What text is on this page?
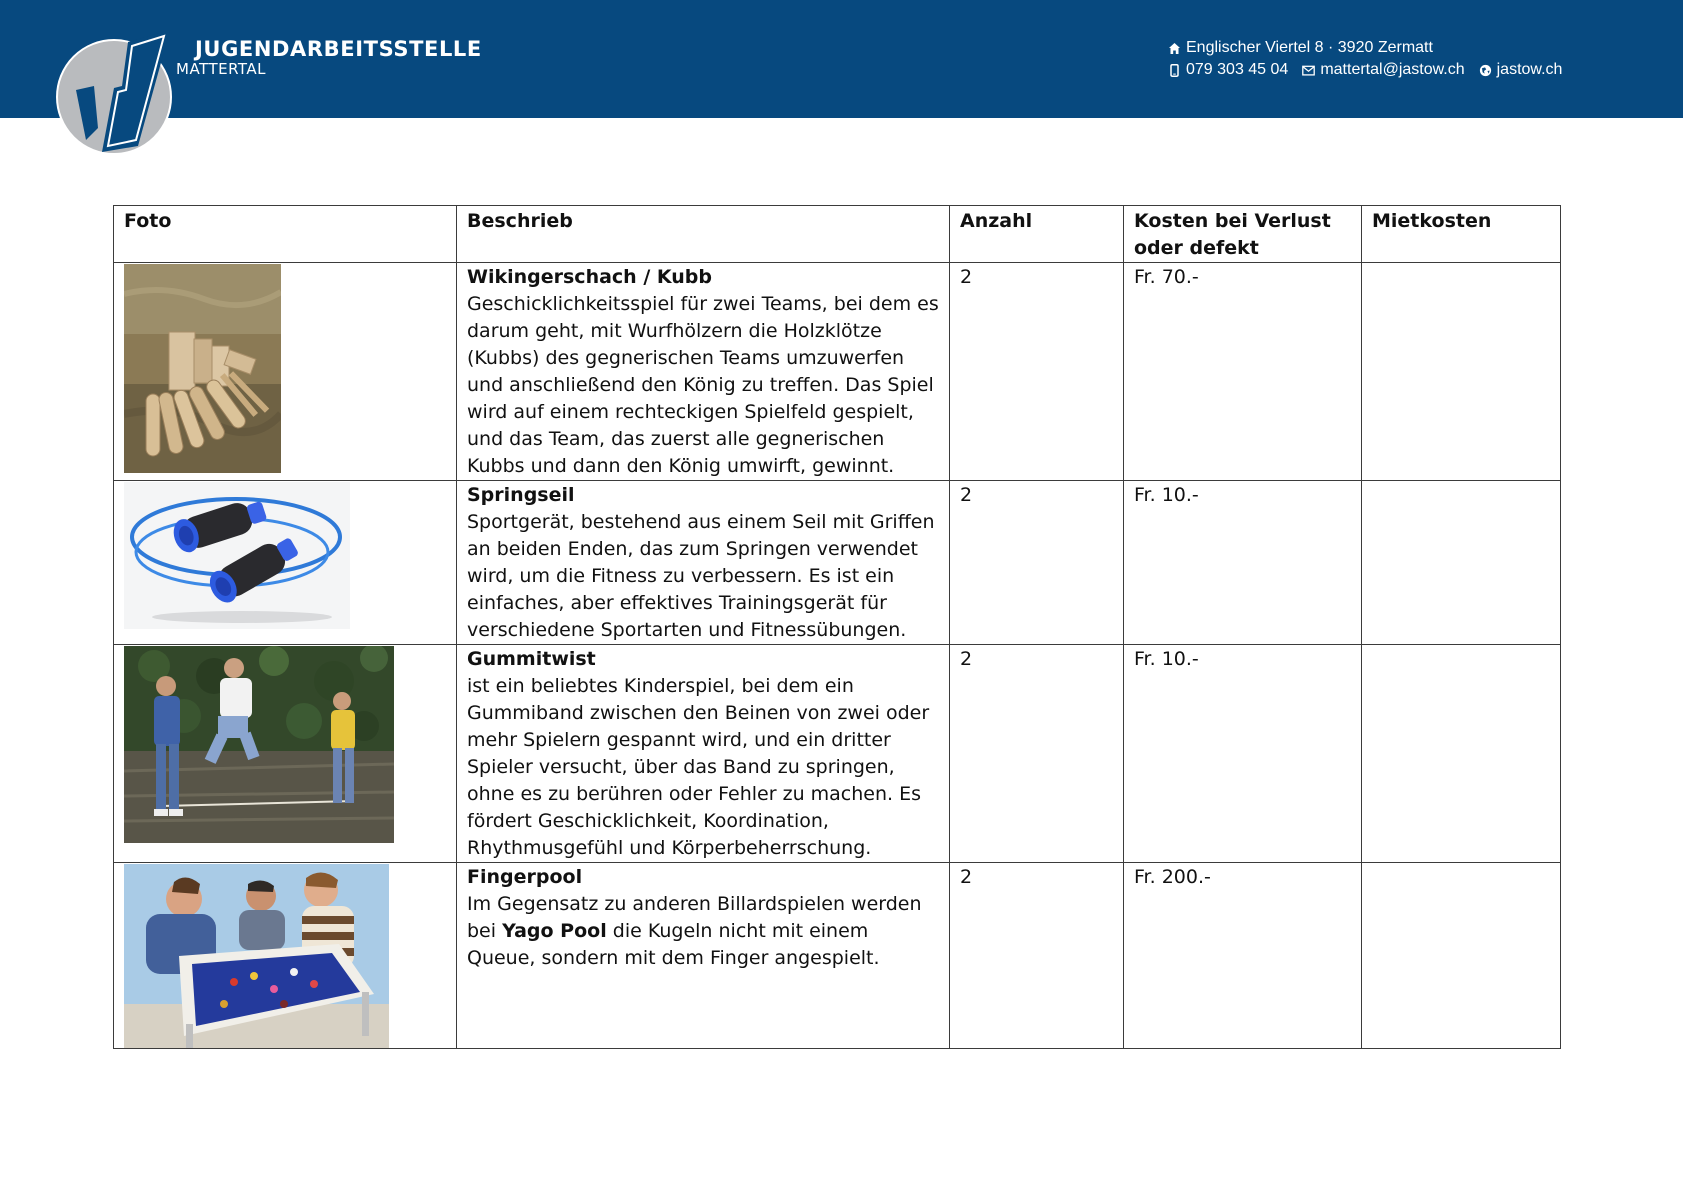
JUGENDARBEITSSTELLE
MATTERTAL
Englischer Viertel 8 · 3920 Zermatt
079 303 45 04 mattertal@jastow.ch jastow.ch
Foto	Beschrieb	Anzahl	Kosten bei Verlust oder defekt	Mietkosten

Wikingerschach / Kubb
Geschicklichkeitsspiel für zwei Teams, bei dem es darum geht, mit Wurfhölzern die Holzklötze (Kubbs) des gegnerischen Teams umzuwerfen und anschließend den König zu treffen. Das Spiel wird auf einem rechteckigen Spielfeld gespielt, und das Team, das zuerst alle gegnerischen Kubbs und dann den König umwirft, gewinnt.	2	Fr. 70.-	

Springseil
Sportgerät, bestehend aus einem Seil mit Griffen an beiden Enden, das zum Springen verwendet wird, um die Fitness zu verbessern. Es ist ein einfaches, aber effektives Trainingsgerät für verschiedene Sportarten und Fitnessübungen.	2	Fr. 10.-	

Gummitwist
ist ein beliebtes Kinderspiel, bei dem ein Gummiband zwischen den Beinen von zwei oder mehr Spielern gespannt wird, und ein dritter Spieler versucht, über das Band zu springen, ohne es zu berühren oder Fehler zu machen. Es fördert Geschicklichkeit, Koordination, Rhythmusgefühl und Körperbeherrschung.	2	Fr. 10.-	

Fingerpool
Im Gegensatz zu anderen Billardspielen werden bei Yago Pool die Kugeln nicht mit einem Queue, sondern mit dem Finger angespielt.	2	Fr. 200.-	
